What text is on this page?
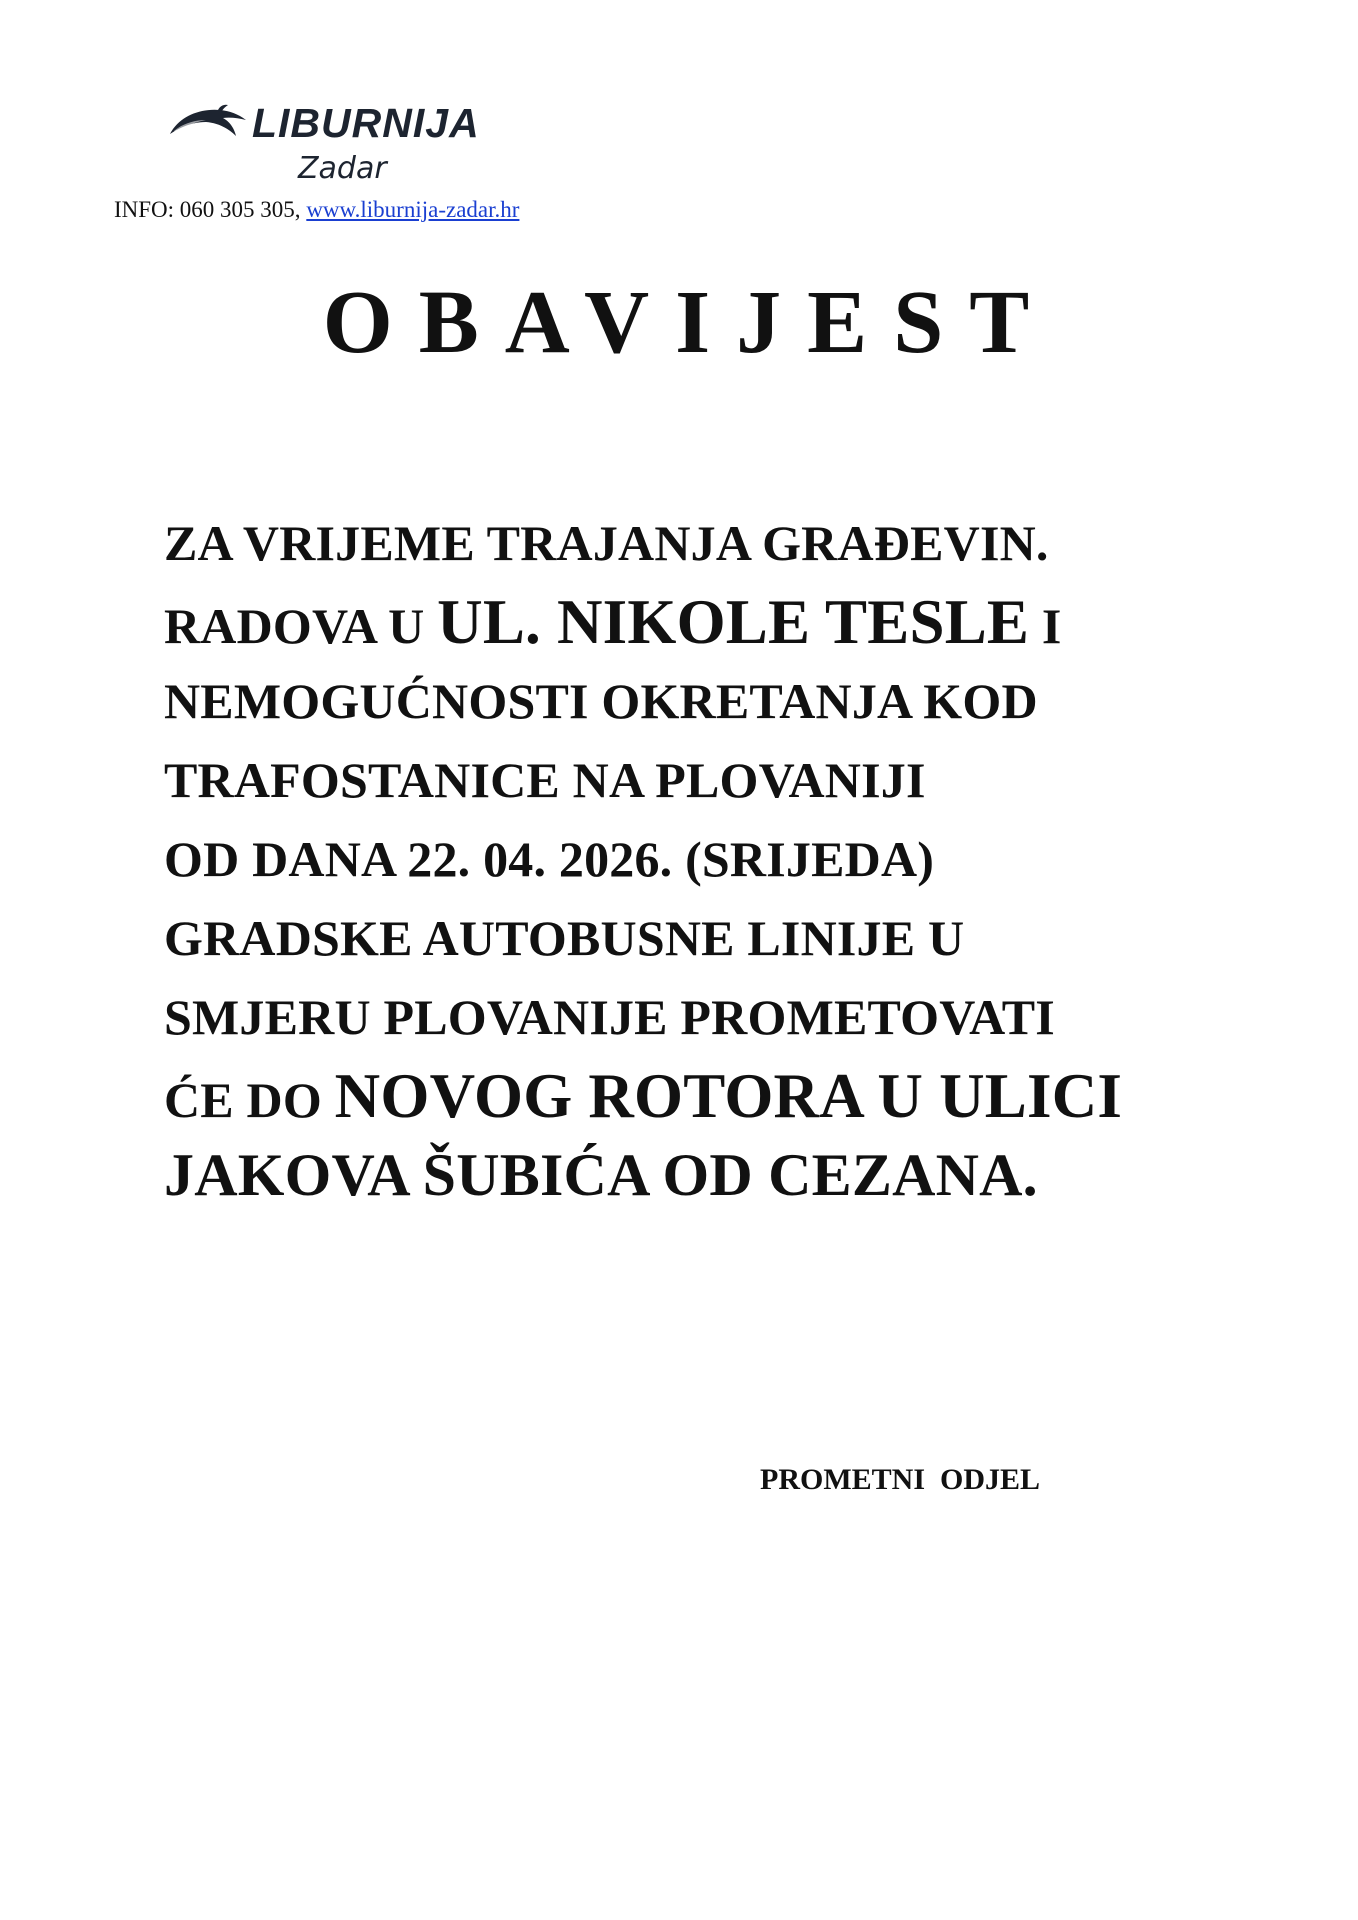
LIBURNIJA
Zadar
INFO: 060 305 305, www.liburnija-zadar.hr
OBAVIJEST
ZA VRIJEME TRAJANJA GRAĐEVIN.
RADOVA U UL. NIKOLE TESLE I
NEMOGUĆNOSTI OKRETANJA KOD
TRAFOSTANICE NA PLOVANIJI
OD DANA 22. 04. 2026. (SRIJEDA)
GRADSKE AUTOBUSNE LINIJE U
SMJERU PLOVANIJE PROMETOVATI
ĆE DO NOVOG ROTORA U ULICI
JAKOVA ŠUBIĆA OD CEZANA.
PROMETNI  ODJEL
